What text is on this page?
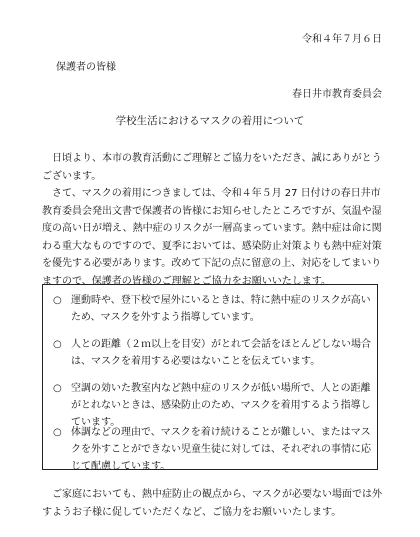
令和４年７月６日
保護者の皆様
春日井市教育委員会
学校生活におけるマスクの着用について
　日頃より、本市の教育活動にご理解とご協力をいただき、誠にありがとうございます。
　さて、マスクの着用につきましては、令和４年５月 27 日付けの春日井市教育委員会発出文書で保護者の皆様にお知らせしたところですが、気温や湿度の高い日が増え、熱中症のリスクが一層高まっています。熱中症は命に関わる重大なものですので、夏季においては、感染防止対策よりも熱中症対策を優先する必要があります。改めて下記の点に留意の上、対応をしてまいりますので、保護者の皆様のご理解とご協力をお願いいたします。
○ 運動時や、登下校で屋外にいるときは、特に熱中症のリスクが高いため、マスクを外すよう指導しています。
○ 人との距離（２ｍ以上を目安）がとれて会話をほとんどしない場合は、マスクを着用する必要はないことを伝えています。
○ 空調の効いた教室内など熱中症のリスクが低い場所で、人との距離がとれないときは、感染防止のため、マスクを着用するよう指導しています。
○ 体調などの理由で、マスクを着け続けることが難しい、またはマスクを外すことができない児童生徒に対しては、それぞれの事情に応じて配慮しています。
　ご家庭においても、熱中症防止の観点から、マスクが必要ない場面では外すようお子様に促していただくなど、ご協力をお願いいたします。
